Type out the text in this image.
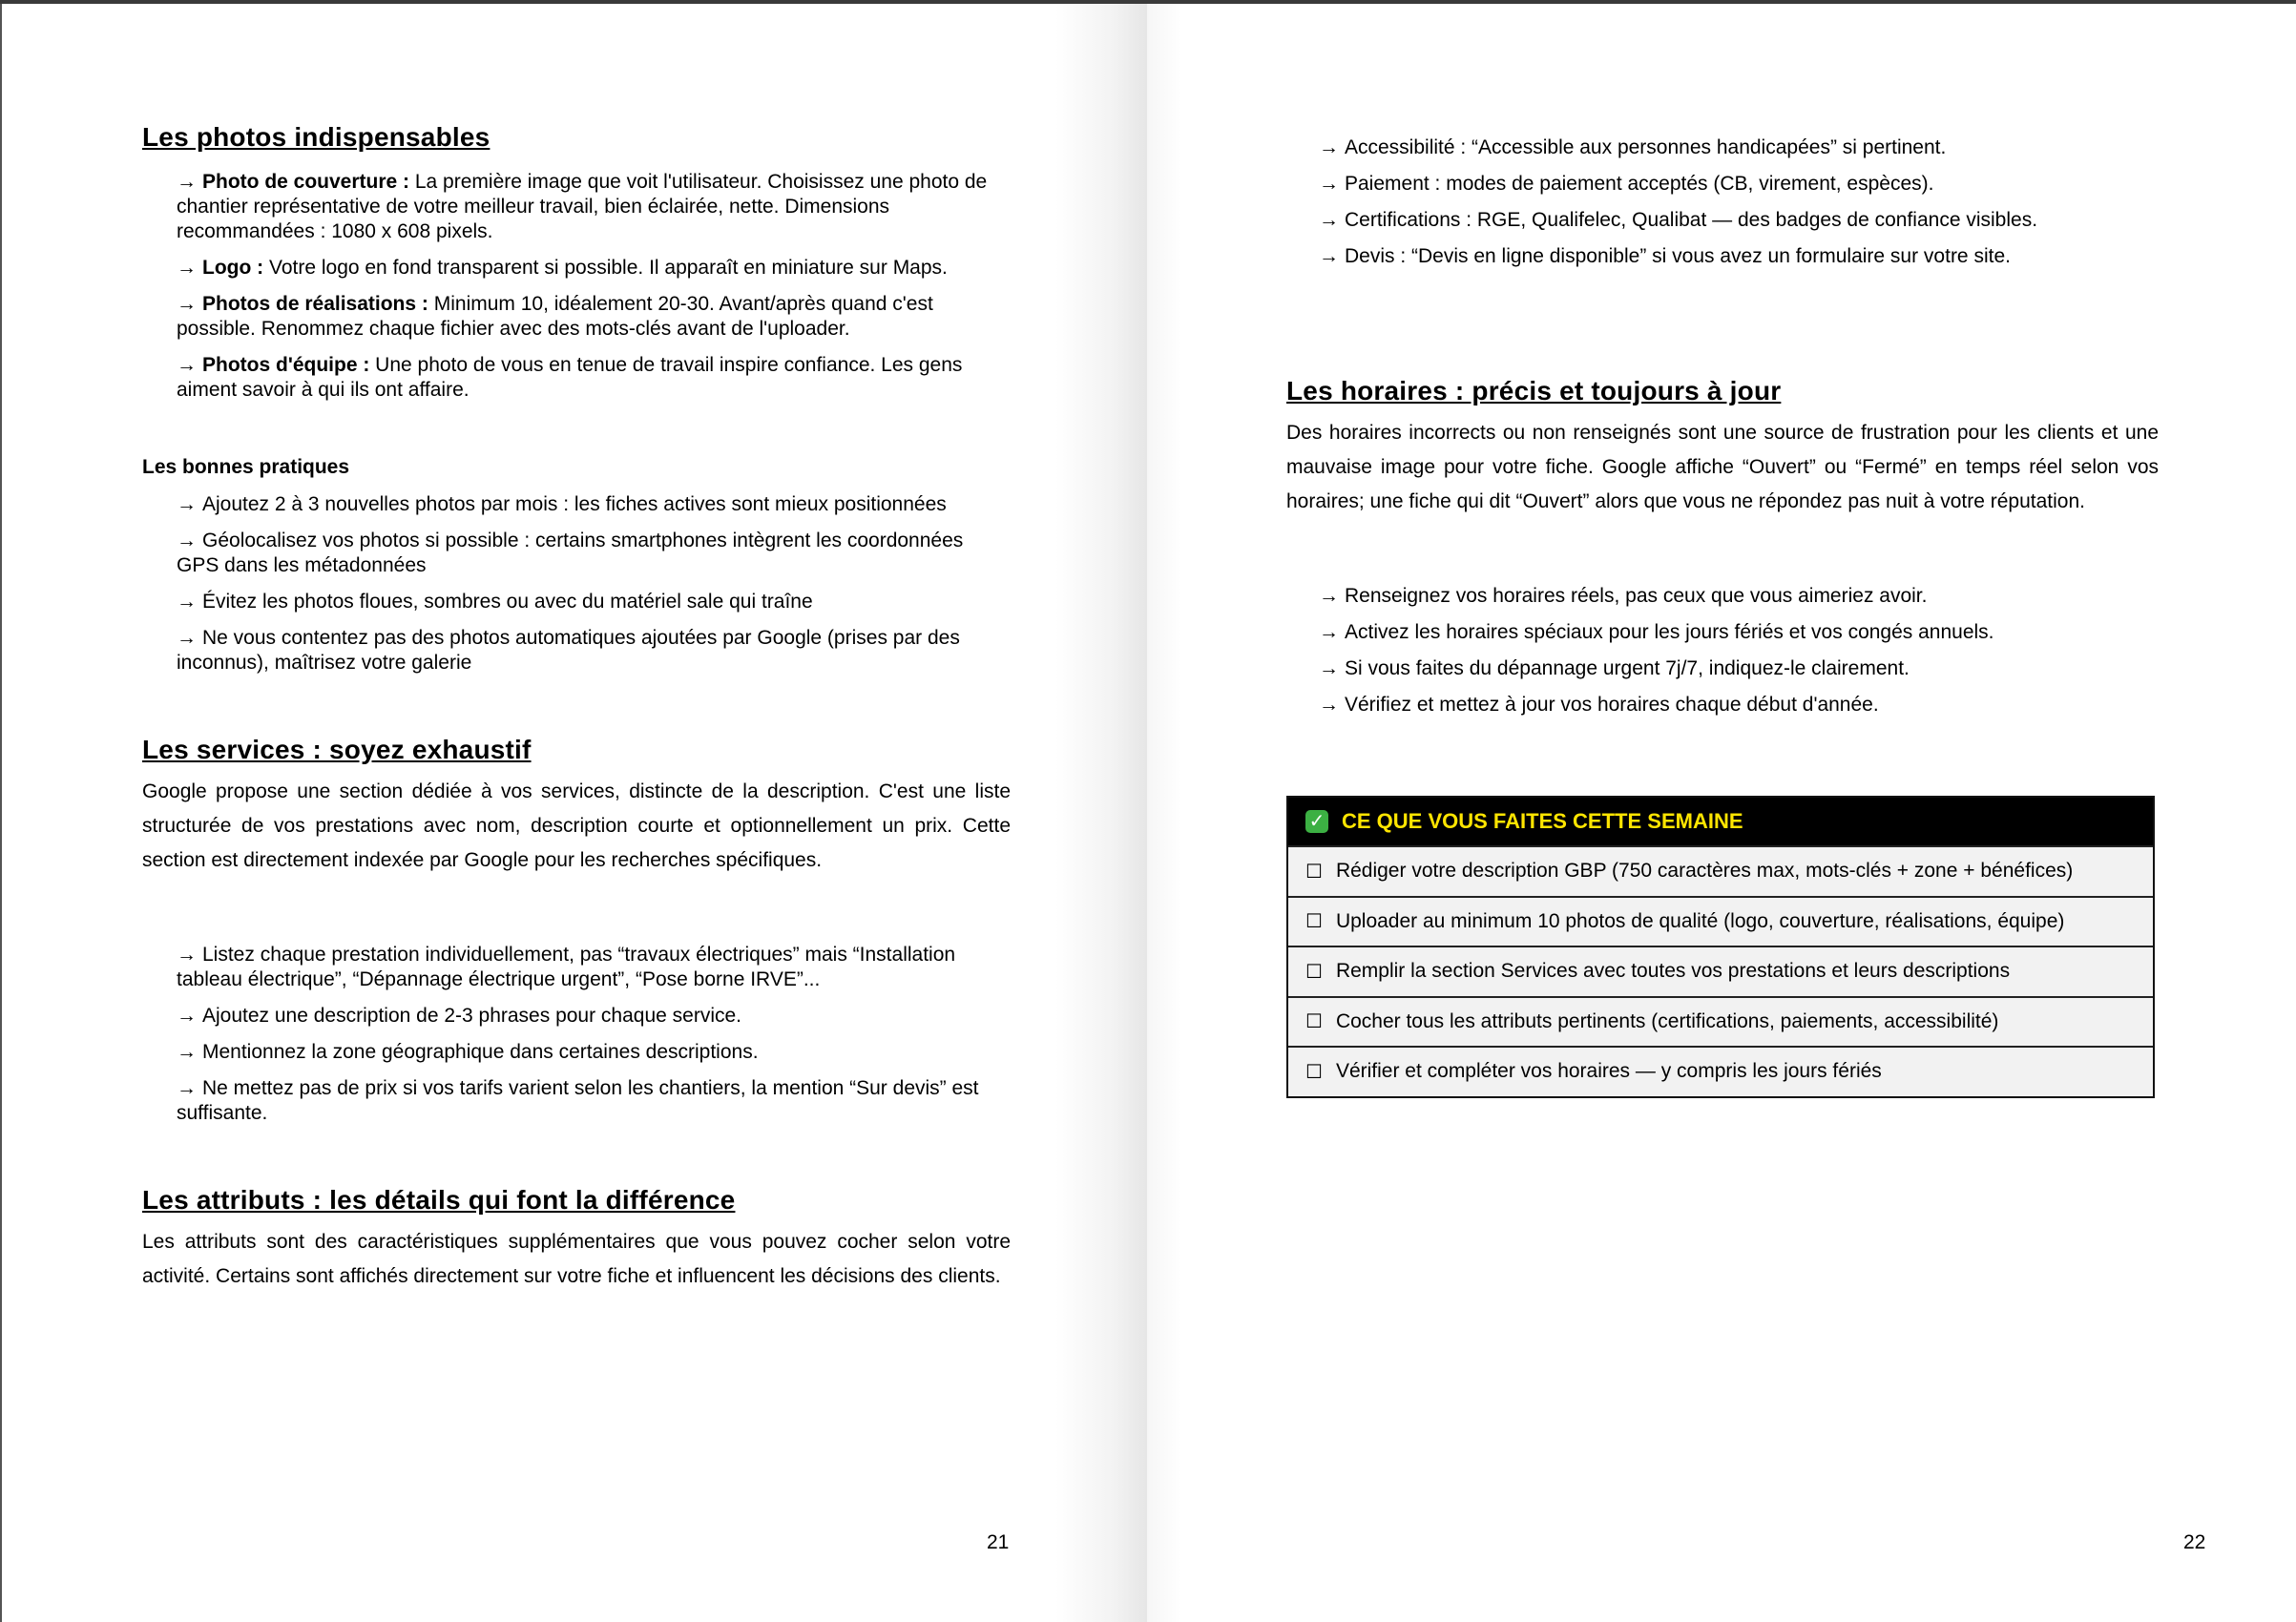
Les photos indispensables
→ Photo de couverture : La première image que voit l'utilisateur. Choisissez une photo de chantier représentative de votre meilleur travail, bien éclairée, nette. Dimensions recommandées : 1080 x 608 pixels.
→ Logo : Votre logo en fond transparent si possible. Il apparaît en miniature sur Maps.
→ Photos de réalisations : Minimum 10, idéalement 20-30. Avant/après quand c'est possible. Renommez chaque fichier avec des mots-clés avant de l'uploader.
→ Photos d'équipe : Une photo de vous en tenue de travail inspire confiance. Les gens aiment savoir à qui ils ont affaire.
Les bonnes pratiques
→ Ajoutez 2 à 3 nouvelles photos par mois : les fiches actives sont mieux positionnées
→ Géolocalisez vos photos si possible : certains smartphones intègrent les coordonnées GPS dans les métadonnées
→ Évitez les photos floues, sombres ou avec du matériel sale qui traîne
→ Ne vous contentez pas des photos automatiques ajoutées par Google (prises par des inconnus), maîtrisez votre galerie
Les services : soyez exhaustif

Google propose une section dédiée à vos services, distincte de la description. C'est une liste structurée de vos prestations avec nom, description courte et optionnellement un prix. Cette section est directement indexée par Google pour les recherches spécifiques.

→ Listez chaque prestation individuellement, pas “travaux électriques” mais “Installation tableau électrique”, “Dépannage électrique urgent”, “Pose borne IRVE”...
→ Ajoutez une description de 2-3 phrases pour chaque service.
→ Mentionnez la zone géographique dans certaines descriptions.
→ Ne mettez pas de prix si vos tarifs varient selon les chantiers, la mention “Sur devis” est suffisante.
Les attributs : les détails qui font la différence

Les attributs sont des caractéristiques supplémentaires que vous pouvez cocher selon votre activité. Certains sont affichés directement sur votre fiche et influencent les décisions des clients.

21
→ Accessibilité : “Accessible aux personnes handicapées” si pertinent.
→ Paiement : modes de paiement acceptés (CB, virement, espèces).
→ Certifications : RGE, Qualifelec, Qualibat — des badges de confiance visibles.
→ Devis : “Devis en ligne disponible” si vous avez un formulaire sur votre site.
Les horaires : précis et toujours à jour

Des horaires incorrects ou non renseignés sont une source de frustration pour les clients et une mauvaise image pour votre fiche. Google affiche “Ouvert” ou “Fermé” en temps réel selon vos horaires; une fiche qui dit “Ouvert” alors que vous ne répondez pas nuit à votre réputation.

→ Renseignez vos horaires réels, pas ceux que vous aimeriez avoir.
→ Activez les horaires spéciaux pour les jours fériés et vos congés annuels.
→ Si vous faites du dépannage urgent 7j/7, indiquez-le clairement.
→ Vérifiez et mettez à jour vos horaires chaque début d'année.
✓ CE QUE VOUS FAITES CETTE SEMAINE
☐ Rédiger votre description GBP (750 caractères max, mots-clés + zone + bénéfices)
☐ Uploader au minimum 10 photos de qualité (logo, couverture, réalisations, équipe)
☐ Remplir la section Services avec toutes vos prestations et leurs descriptions
☐ Cocher tous les attributs pertinents (certifications, paiements, accessibilité)
☐ Vérifier et compléter vos horaires — y compris les jours fériés
22
